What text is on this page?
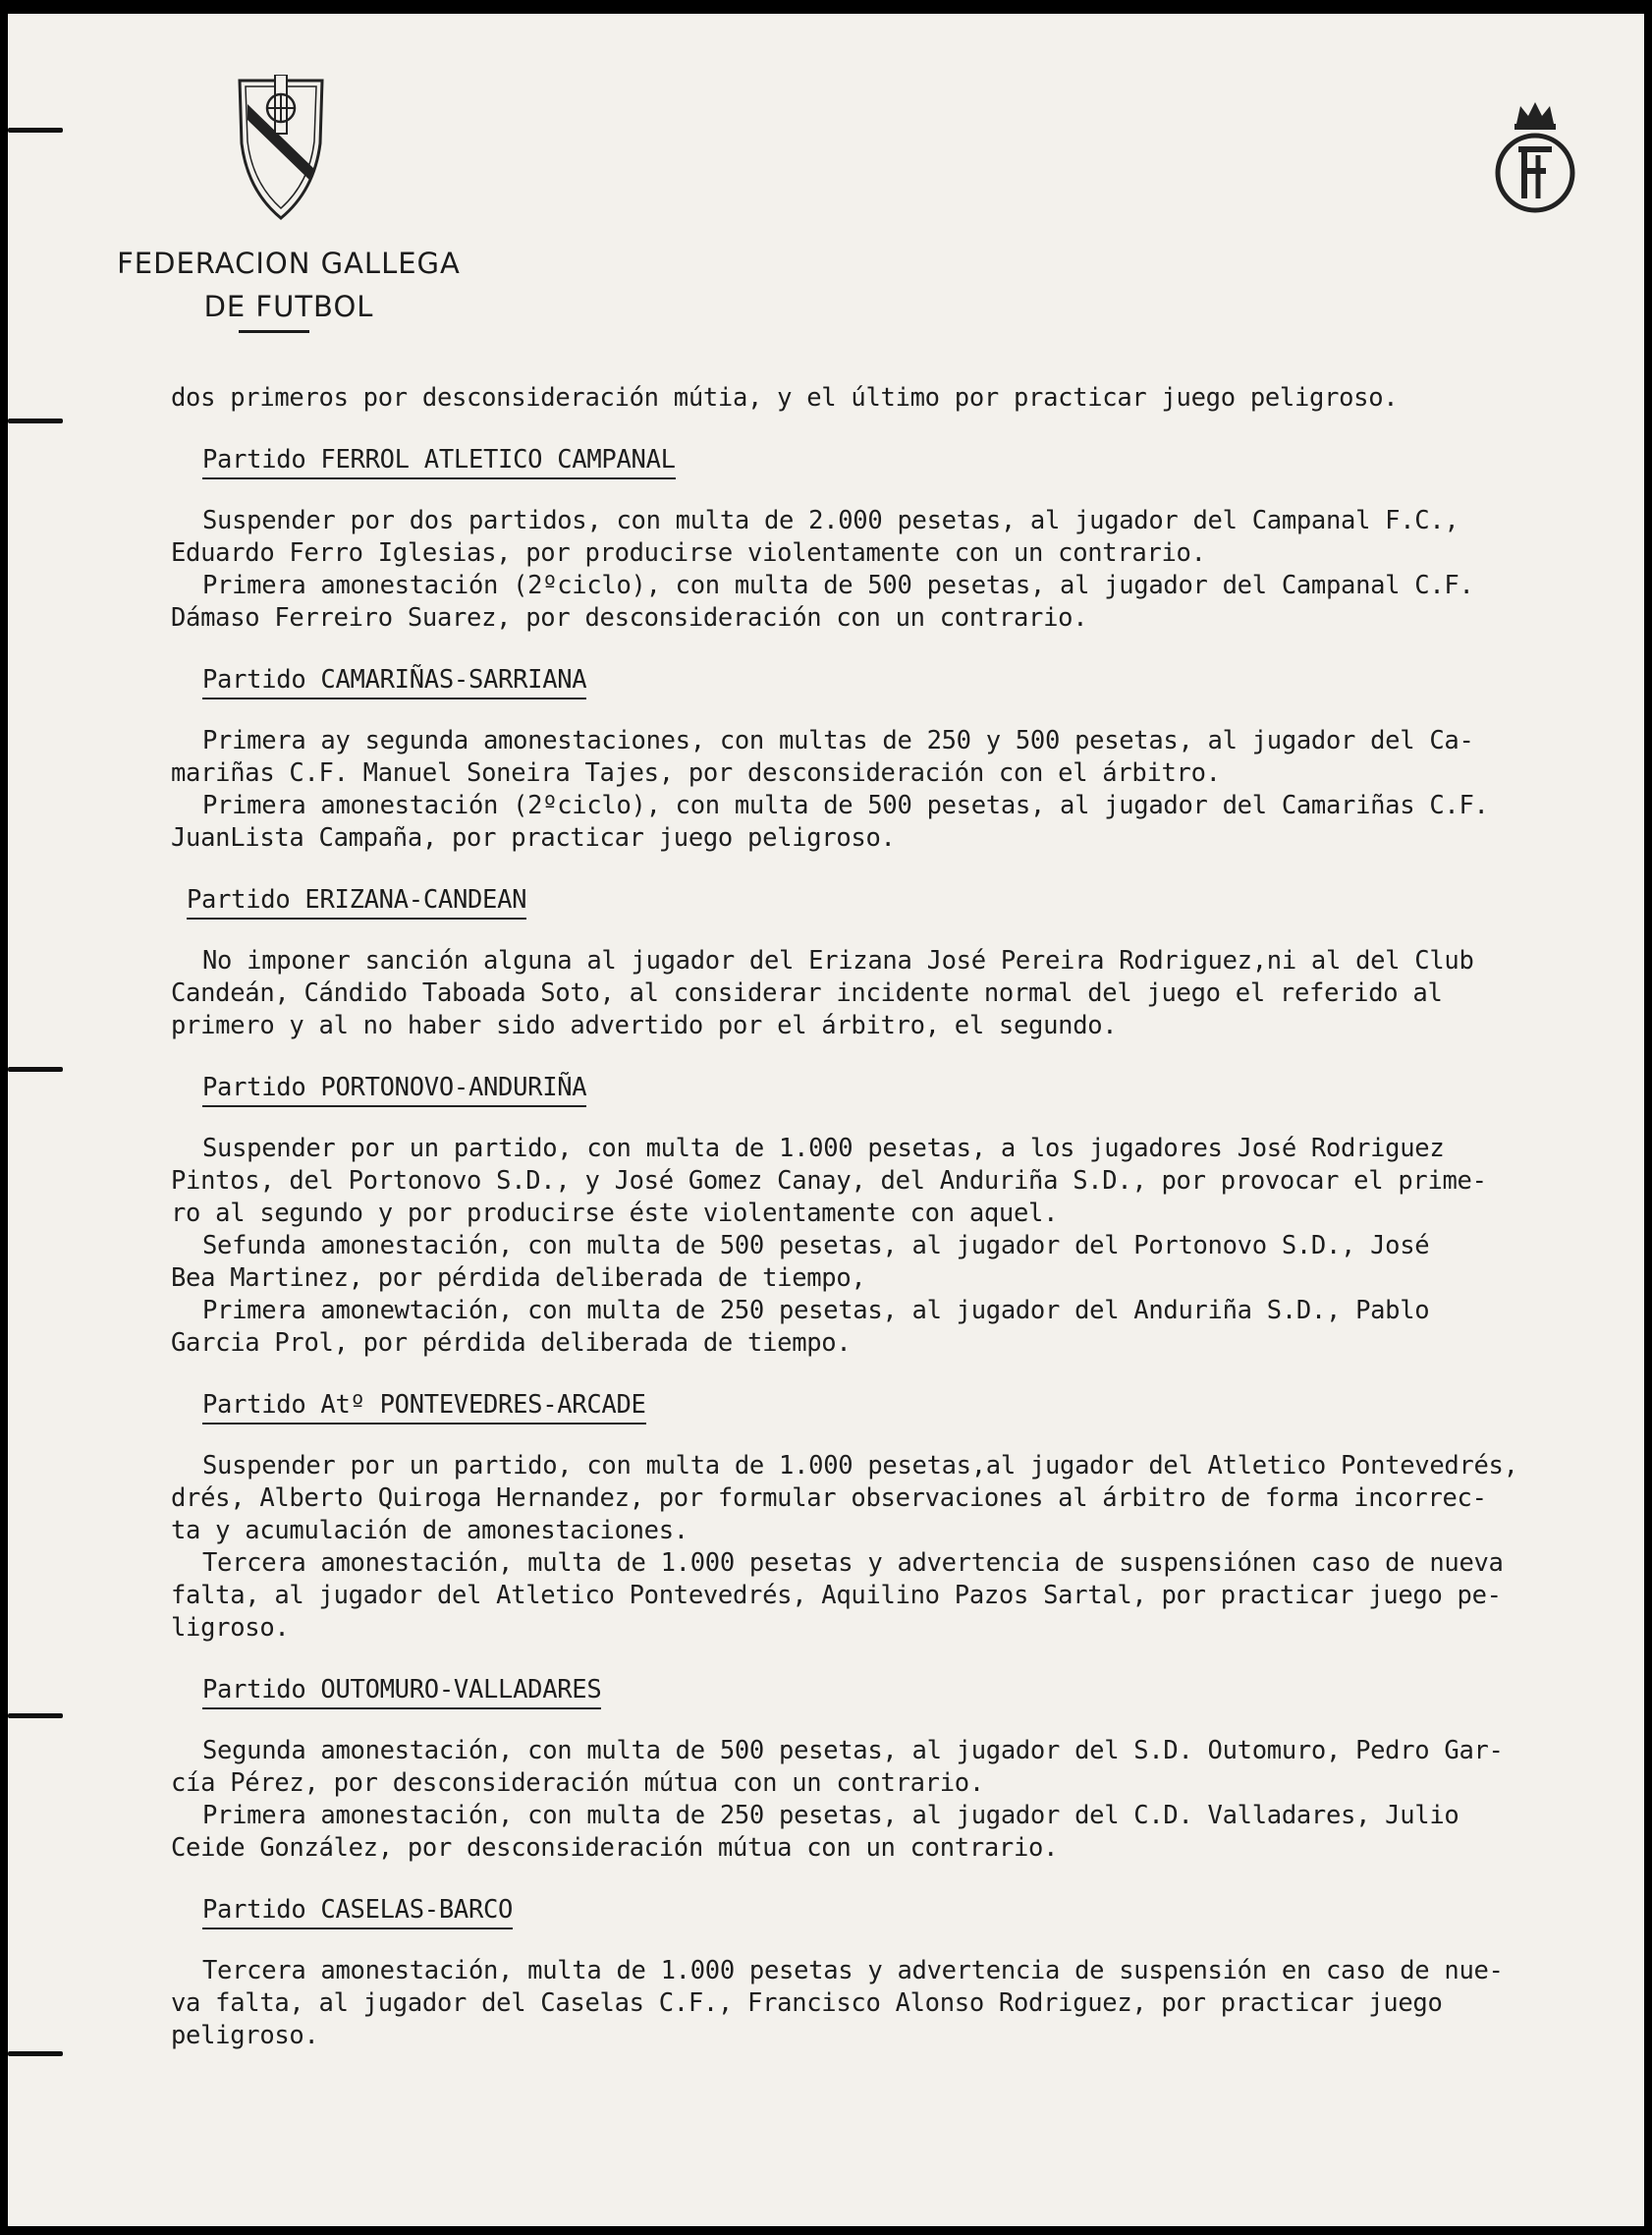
FEDERACION GALLEGA
DE FUTBOL

dos primeros por desconsideración mútia, y el último por practicar juego peligroso.

Partido FERROL ATLETICO CAMPANAL

Suspender por dos partidos, con multa de 2.000 pesetas, al jugador del Campanal F.C.,

Eduardo Ferro Iglesias, por producirse violentamente con un contrario.

Primera amonestación (2ºciclo), con multa de 500 pesetas, al jugador del Campanal C.F.

Dámaso Ferreiro Suarez, por desconsideración con un contrario.

Partido CAMARIÑAS-SARRIANA

Primera ay segunda amonestaciones, con multas de 250 y 500 pesetas, al jugador del Ca-

mariñas C.F. Manuel Soneira Tajes, por desconsideración con el árbitro.

Primera amonestación (2ºciclo), con multa de 500 pesetas, al jugador del Camariñas C.F.

JuanLista Campaña, por practicar juego peligroso.

Partido ERIZANA-CANDEAN

No imponer sanción alguna al jugador del Erizana José Pereira Rodriguez,ni al del Club

Candeán, Cándido Taboada Soto, al considerar incidente normal del juego el referido al

primero y al no haber sido advertido por el árbitro, el segundo.

Partido PORTONOVO-ANDURIÑA

Suspender por un partido, con multa de 1.000 pesetas, a los jugadores José Rodriguez

Pintos, del Portonovo S.D., y José Gomez Canay, del Anduriña S.D., por provocar el prime-

ro al segundo y por producirse éste violentamente con aquel.

Sefunda amonestación, con multa de 500 pesetas, al jugador del Portonovo S.D., José

Bea Martinez, por pérdida deliberada de tiempo,

Primera amonewtación, con multa de 250 pesetas, al jugador del Anduriña S.D., Pablo

Garcia Prol, por pérdida deliberada de tiempo.

Partido Atº PONTEVEDRES-ARCADE

Suspender por un partido, con multa de 1.000 pesetas,al jugador del Atletico Pontevedrés,

drés, Alberto Quiroga Hernandez, por formular observaciones al árbitro de forma incorrec-

ta y acumulación de amonestaciones.

Tercera amonestación, multa de 1.000 pesetas y advertencia de suspensiónen caso de nueva

falta, al jugador del Atletico Pontevedrés, Aquilino Pazos Sartal, por practicar juego pe-

ligroso.

Partido OUTOMURO-VALLADARES

Segunda amonestación, con multa de 500 pesetas, al jugador del S.D. Outomuro, Pedro Gar-

cía Pérez, por desconsideración mútua con un contrario.

Primera amonestación, con multa de 250 pesetas, al jugador del C.D. Valladares, Julio

Ceide González, por desconsideración mútua con un contrario.

Partido CASELAS-BARCO

Tercera amonestación, multa de 1.000 pesetas y advertencia de suspensión en caso de nue-

va falta, al jugador del Caselas C.F., Francisco Alonso Rodriguez, por practicar juego

peligroso.
